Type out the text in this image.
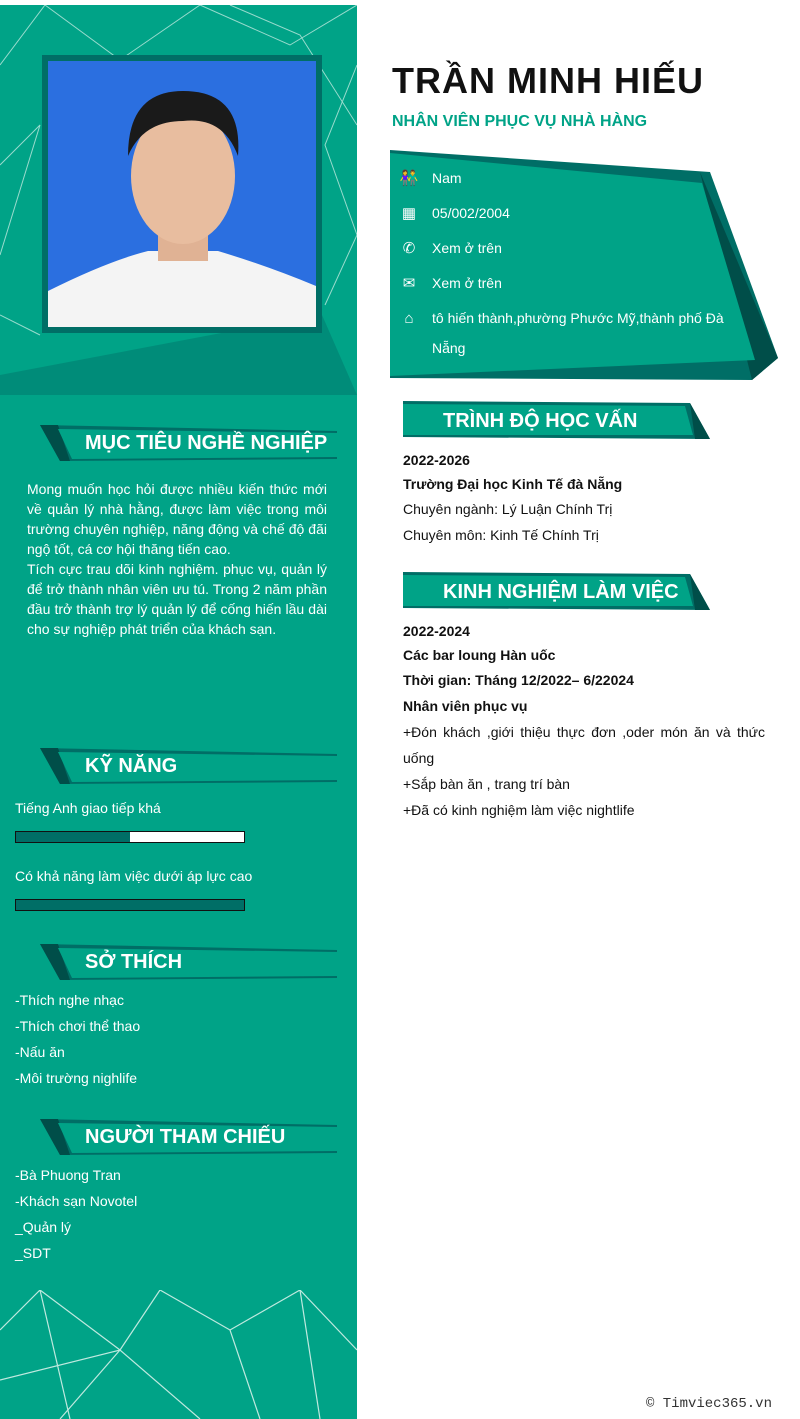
TRẦN MINH HIẾU
NHÂN VIÊN PHỤC VỤ NHÀ HÀNG
👫 Nam
▦ 05/002/2004
✆	Xem ở trên
✉	Xem ở trên
⌂	tô hiến thành,phường Phước Mỹ,thành phố Đà Nẵng
MỤC TIÊU NGHỀ NGHIỆP
Mong muốn học hỏi được nhiều kiến thức mới về quản lý nhà hằng, được làm việc trong môi trường chuyên nghiệp, năng động và chế độ đãi ngộ tốt, cá cơ hội thăng tiến cao.
Tích cực trau dõi kinh nghiệm. phục vụ, quản lý để trở thành nhân viên ưu tú. Trong 2 năm phần đầu trở thành trợ lý quản lý để cống hiến lầu dài cho sự nghiệp phát triển của khách sạn.
KỸ NĂNG
Tiếng Anh giao tiếp khá
Có khả năng làm việc dưới áp lực cao
SỞ THÍCH
-Thích nghe nhạc
-Thích chơi thể thao
-Nấu ăn
-Môi trường nighlife
NGƯỜI THAM CHIẾU
-Bà Phuong Tran
-Khách sạn Novotel
_Quản lý
_SDT
TRÌNH ĐỘ HỌC VẤN
2022-2026
Trường Đại học Kinh Tế đà Nẵng
Chuyên ngành: Lý Luận Chính Trị
Chuyên môn: Kinh Tế Chính Trị
KINH NGHIỆM LÀM VIỆC
2022-2024
Các bar loung Hàn uốc
Thời gian: Tháng 12/2022– 6/22024
Nhân viên phục vụ
+Đón khách ,giới thiệu thực đơn ,oder món ăn và thức uống
+Sắp bàn ăn , trang trí bàn
+Đã có kinh nghiệm làm việc nightlife
© Timviec365.vn
